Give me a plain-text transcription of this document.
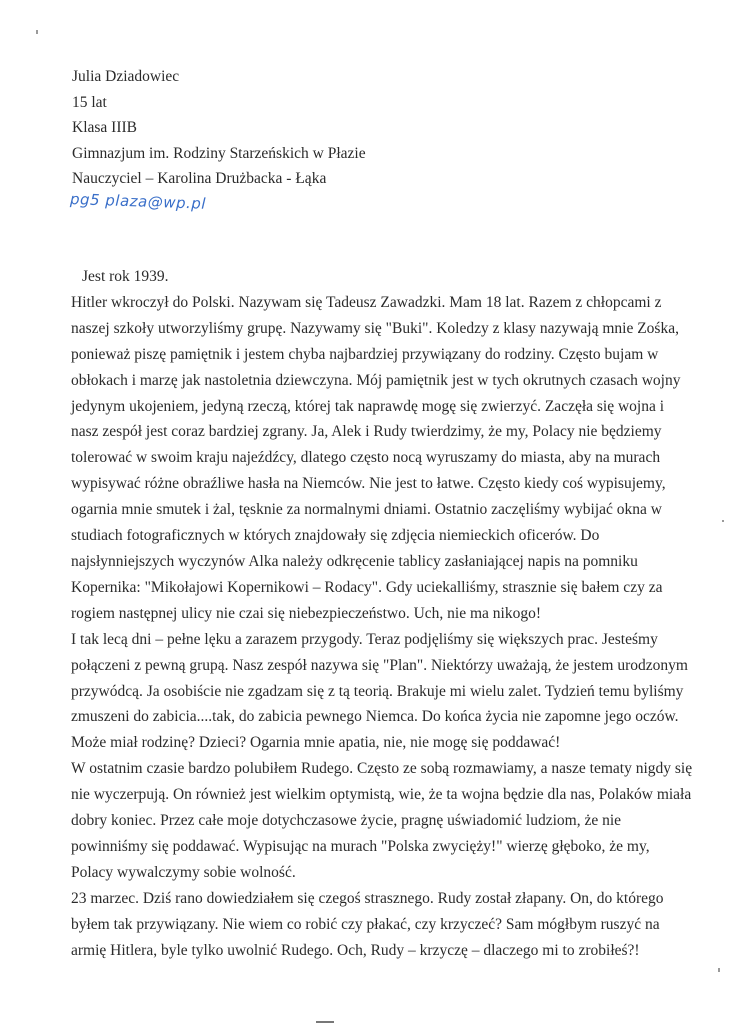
Julia Dziadowiec
15 lat
Klasa IIIB
Gimnazjum im. Rodziny Starzeńskich w Płazie
Nauczyciel – Karolina Drużbacka - Łąka
pg5 plaza@wp.pl
Jest rok 1939.
Hitler wkroczył do Polski. Nazywam się Tadeusz Zawadzki. Mam 18 lat. Razem z chłopcami z
naszej szkoły utworzyliśmy grupę. Nazywamy się "Buki". Koledzy z klasy nazywają mnie Zośka,
ponieważ piszę pamiętnik i jestem chyba najbardziej przywiązany do rodziny. Często bujam w
obłokach i marzę jak nastoletnia dziewczyna. Mój pamiętnik jest w tych okrutnych czasach wojny
jedynym ukojeniem, jedyną rzeczą, której tak naprawdę mogę się zwierzyć. Zaczęła się wojna i
nasz zespół jest coraz bardziej zgrany. Ja, Alek i Rudy twierdzimy, że my, Polacy nie będziemy
tolerować w swoim kraju najeźdźcy, dlatego często nocą wyruszamy do miasta, aby na murach
wypisywać różne obraźliwe hasła na Niemców. Nie jest to łatwe. Często kiedy coś wypisujemy,
ogarnia mnie smutek i żal, tęsknie za normalnymi dniami. Ostatnio zaczęliśmy wybijać okna w
studiach fotograficznych w których znajdowały się zdjęcia niemieckich oficerów. Do
najsłynniejszych wyczynów Alka należy odkręcenie tablicy zasłaniającej napis na pomniku
Kopernika: "Mikołajowi Kopernikowi – Rodacy". Gdy uciekalliśmy, strasznie się bałem czy za
rogiem następnej ulicy nie czai się niebezpieczeństwo. Uch, nie ma nikogo!
I tak lecą dni – pełne lęku a zarazem przygody. Teraz podjęliśmy się większych prac. Jesteśmy
połączeni z pewną grupą. Nasz zespół nazywa się "Plan". Niektórzy uważają, że jestem urodzonym
przywódcą. Ja osobiście nie zgadzam się z tą teorią. Brakuje mi wielu zalet. Tydzień temu byliśmy
zmuszeni do zabicia....tak, do zabicia pewnego Niemca. Do końca życia nie zapomne jego oczów.
Może miał rodzinę? Dzieci? Ogarnia mnie apatia, nie, nie mogę się poddawać!
W ostatnim czasie bardzo polubiłem Rudego. Często ze sobą rozmawiamy, a nasze tematy nigdy się
nie wyczerpują. On również jest wielkim optymistą, wie, że ta wojna będzie dla nas, Polaków miała
dobry koniec. Przez całe moje dotychczasowe życie, pragnę uświadomić ludziom, że nie
powinniśmy się poddawać. Wypisując na murach "Polska zwycięży!" wierzę głęboko, że my,
Polacy wywalczymy sobie wolność.
23 marzec. Dziś rano dowiedziałem się czegoś strasznego. Rudy został złapany. On, do którego
byłem tak przywiązany. Nie wiem co robić czy płakać, czy krzyczeć? Sam mógłbym ruszyć na
armię Hitlera, byle tylko uwolnić Rudego. Och, Rudy – krzyczę – dlaczego mi to zrobiłeś?!
